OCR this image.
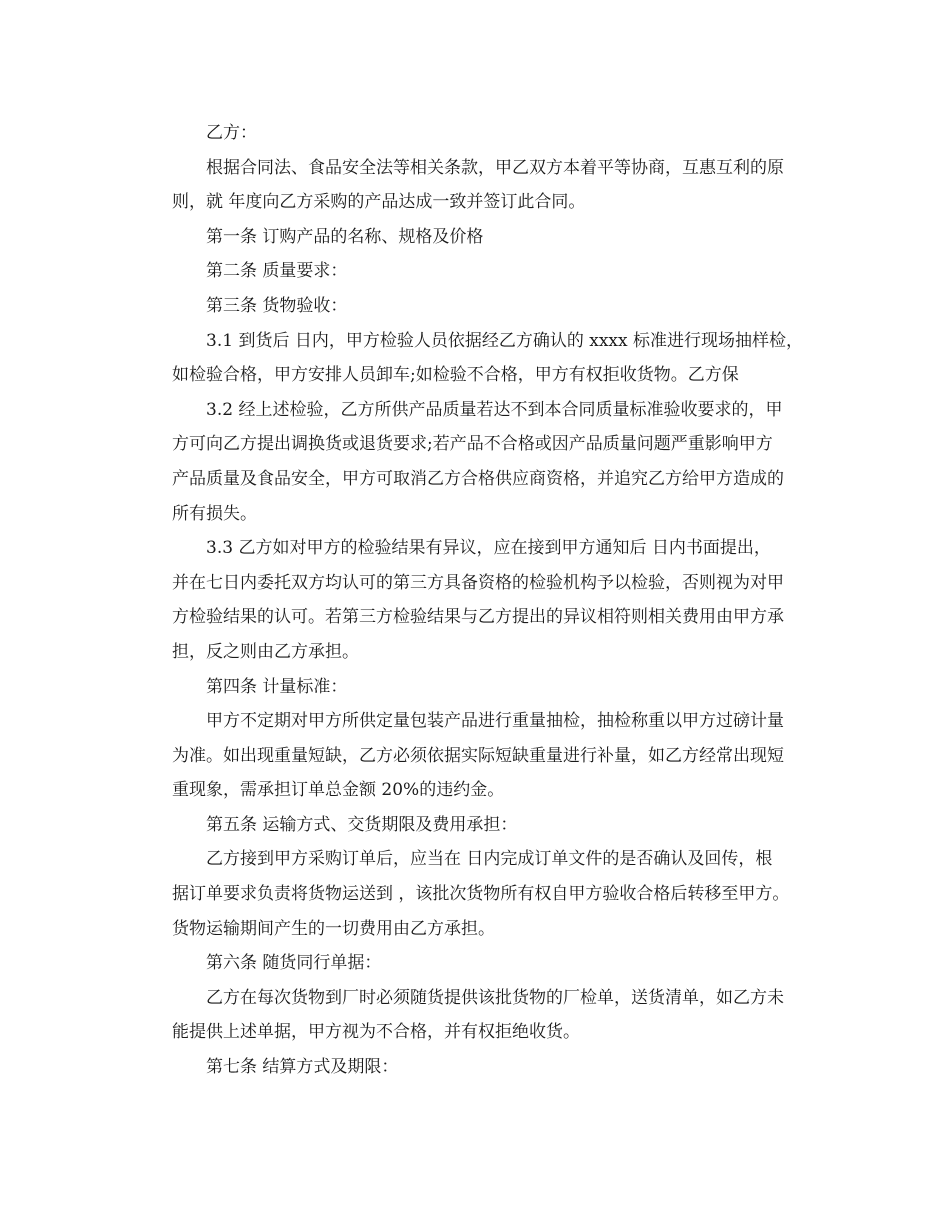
乙方：
根据合同法、食品安全法等相关条款，甲乙双方本着平等协商，互惠互利的原
则，就 年度向乙方采购的产品达成一致并签订此合同。
第一条 订购产品的名称、规格及价格
第二条 质量要求：
第三条 货物验收：
3.1 到货后 日内，甲方检验人员依据经乙方确认的 xxxx 标准进行现场抽样检，
如检验合格，甲方安排人员卸车;如检验不合格，甲方有权拒收货物。乙方保
3.2 经上述检验，乙方所供产品质量若达不到本合同质量标准验收要求的，甲
方可向乙方提出调换货或退货要求;若产品不合格或因产品质量问题严重影响甲方
产品质量及食品安全，甲方可取消乙方合格供应商资格，并追究乙方给甲方造成的
所有损失。
3.3 乙方如对甲方的检验结果有异议，应在接到甲方通知后 日内书面提出，
并在七日内委托双方均认可的第三方具备资格的检验机构予以检验，否则视为对甲
方检验结果的认可。若第三方检验结果与乙方提出的异议相符则相关费用由甲方承
担，反之则由乙方承担。
第四条 计量标准：
甲方不定期对甲方所供定量包装产品进行重量抽检，抽检称重以甲方过磅计量
为准。如出现重量短缺，乙方必须依据实际短缺重量进行补量，如乙方经常出现短
重现象，需承担订单总金额 20%的违约金。
第五条 运输方式、交货期限及费用承担：
乙方接到甲方采购订单后，应当在 日内完成订单文件的是否确认及回传，根
据订单要求负责将货物运送到 ，该批次货物所有权自甲方验收合格后转移至甲方。
货物运输期间产生的一切费用由乙方承担。
第六条 随货同行单据：
乙方在每次货物到厂时必须随货提供该批货物的厂检单，送货清单，如乙方未
能提供上述单据，甲方视为不合格，并有权拒绝收货。
第七条 结算方式及期限：
